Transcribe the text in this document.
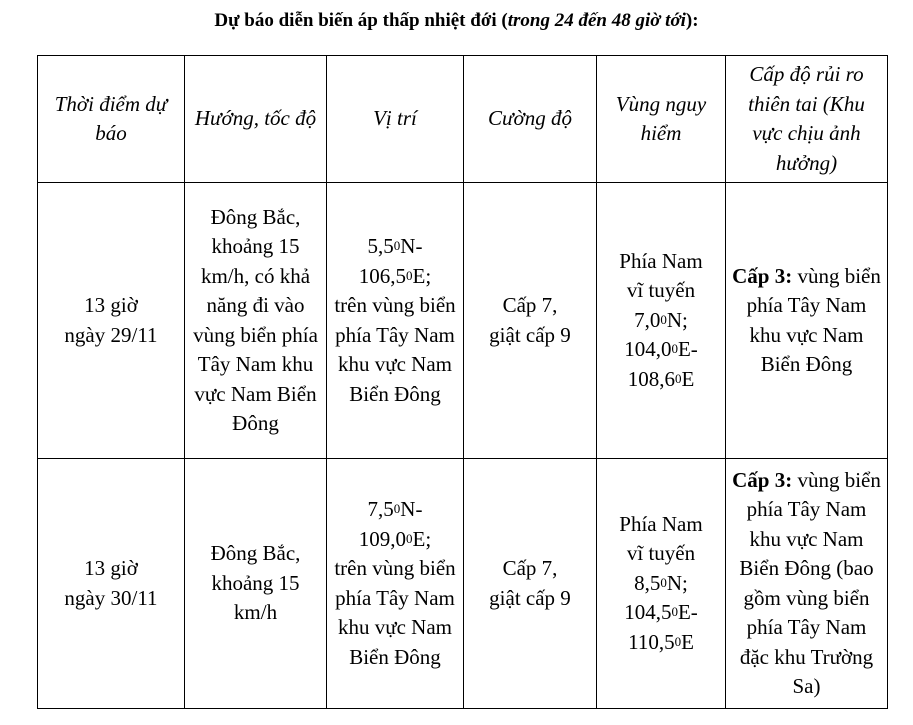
Dự báo diễn biến áp thấp nhiệt đới (trong 24 đến 48 giờ tới):
Thời điểm dự báo	Hướng, tốc độ	Vị trí	Cường độ	Vùng nguy hiểm	Cấp độ rủi ro thiên tai (Khu vực chịu ảnh hưởng)

13 giờ
ngày 29/11	Đông Bắc, khoảng 15 km/h, có khả năng đi vào vùng biển phía Tây Nam khu vực Nam Biển Đông	$5,5^0N-$
106,5$^0$E;
trên vùng biển phía Tây Nam khu vực Nam Biển Đông	Cấp 7,
giật cấp 9	Phía Nam
vĩ tuyến
$7,0^0N$;
104,0$^0$E-
108,6$^0$E	Cấp 3: vùng biển phía Tây Nam khu vực Nam Biển Đông

13 giờ
ngày 30/11	Đông Bắc, khoảng 15 km/h	$7,5^0N-$
109,0$^0$E;
trên vùng biển phía Tây Nam khu vực Nam Biển Đông	Cấp 7,
giật cấp 9	Phía Nam
vĩ tuyến
$8,5^0N$;
104,5$^0$E-
110,5$^0$E	Cấp 3: vùng biển phía Tây Nam khu vực Nam Biển Đông (bao gồm vùng biển phía Tây Nam đặc khu Trường Sa)
